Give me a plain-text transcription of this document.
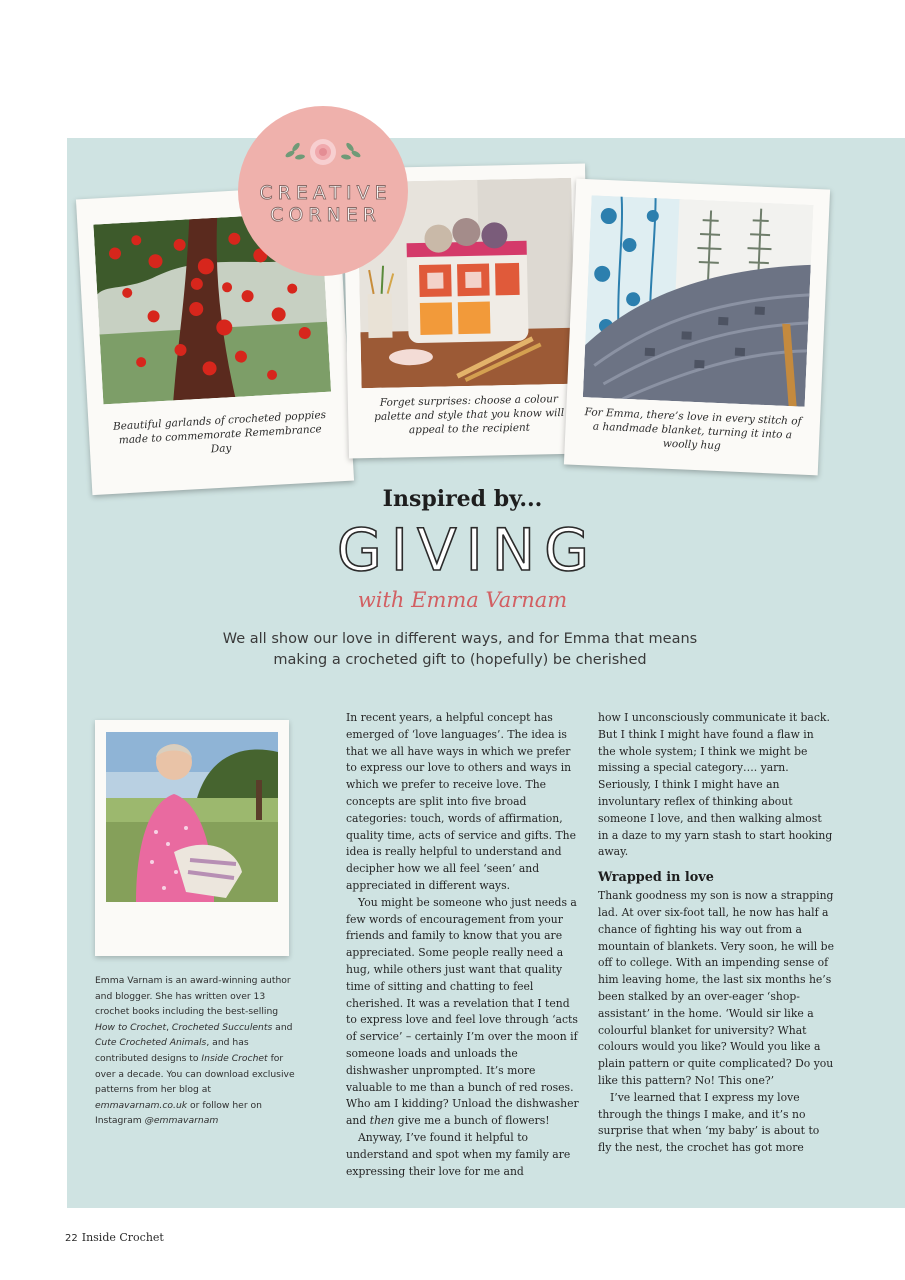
Beautiful garlands of crocheted poppies made to commemorate Remembrance Day
Forget surprises: choose a colour palette and style that you know will appeal to the recipient
For Emma, there’s love in every stitch of a handmade blanket, turning it into a woolly hug
CREATIVE
CORNER
Inspired by...
GIVING
with Emma Varnam
We all show our love in different ways, and for Emma that means making a crocheted gift to (hopefully) be cherished
Emma Varnam is an award-winning author and blogger. She has written over 13 crochet books including the best-selling How to Crochet, Crocheted Succulents and Cute Crocheted Animals, and has contributed designs to Inside Crochet for over a decade. You can download exclusive patterns from her blog at emmavarnam.co.uk or follow her on Instagram @emmavarnam

In recent years, a helpful concept has emerged of ‘love languages’. The idea is that we all have ways in which we prefer to express our love to others and ways in which we prefer to receive love. The concepts are split into five broad categories: touch, words of affirmation, quality time, acts of service and gifts. The idea is really helpful to understand and decipher how we all feel ‘seen’ and appreciated in different ways.

You might be someone who just needs a few words of encouragement from your friends and family to know that you are appreciated. Some people really need a hug, while others just want that quality time of sitting and chatting to feel cherished. It was a revelation that I tend to express love and feel love through ‘acts of service’ – certainly I’m over the moon if someone loads and unloads the dishwasher unprompted. It’s more valuable to me than a bunch of red roses. Who am I kidding? Unload the dishwasher and then give me a bunch of flowers!

Anyway, I’ve found it helpful to understand and spot when my family are expressing their love for me and

how I unconsciously communicate it back. But I think I might have found a flaw in the whole system; I think we might be missing a special category…. yarn. Seriously, I think I might have an involuntary reflex of thinking about someone I love, and then walking almost in a daze to my yarn stash to start hooking away.

Wrapped in love

Thank goodness my son is now a strapping lad. At over six-foot tall, he now has half a chance of fighting his way out from a mountain of blankets. Very soon, he will be off to college. With an impending sense of him leaving home, the last six months he’s been stalked by an over-eager ‘shop-assistant’ in the home. ‘Would sir like a colourful blanket for university? What colours would you like? Would you like a plain pattern or quite complicated? Do you like this pattern? No! This one?’

I’ve learned that I express my love through the things I make, and it’s no surprise that when ‘my baby’ is about to fly the nest, the crochet has got more

22 Inside Crochet
